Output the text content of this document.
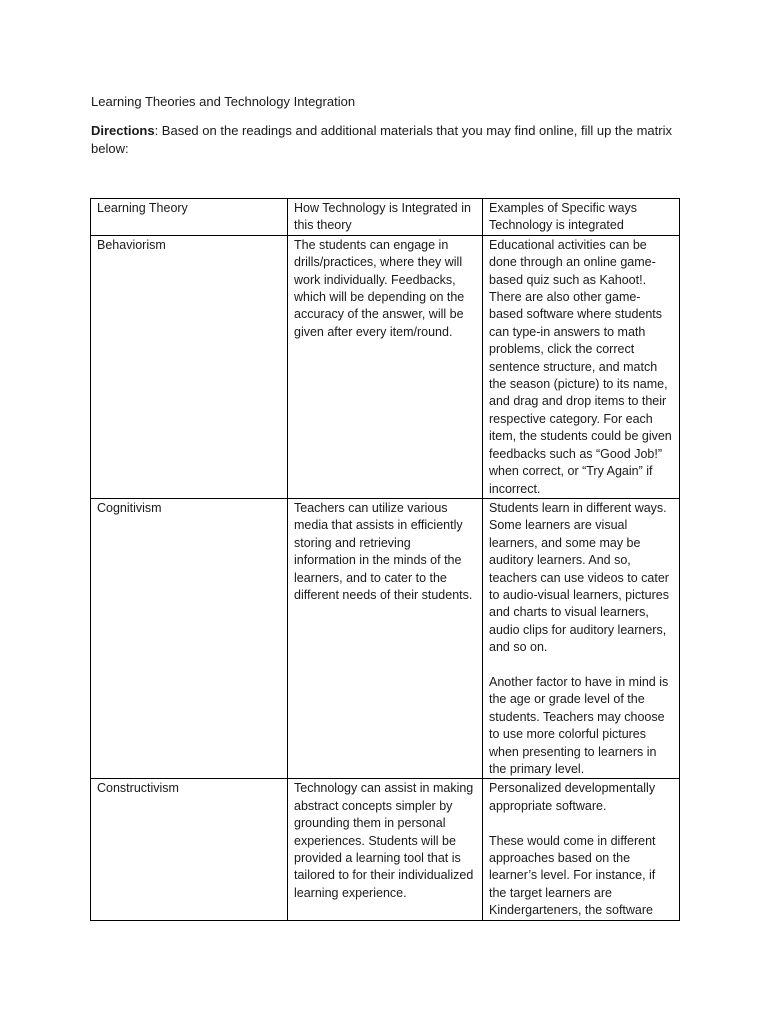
Learning Theories and Technology Integration

Directions: Based on the readings and additional materials that you may find online, fill up the matrix below:

Learning Theory	How Technology is Integrated in this theory	Examples of Specific ways Technology is integrated
Behaviorism	The students can engage in drills/practices, where they will work individually. Feedbacks, which will be depending on the accuracy of the answer, will be given after every item/round.	Educational activities can be done through an online game-based quiz such as Kahoot!. There are also other game-based software where students can type-in answers to math problems, click the correct sentence structure, and match the season (picture) to its name, and drag and drop items to their respective category. For each item, the students could be given feedbacks such as “Good Job!” when correct, or “Try Again” if incorrect.

Cognitivism	Teachers can utilize various media that assists in efficiently storing and retrieving information in the minds of the learners, and to cater to the different needs of their students.	Students learn in different ways. Some learners are visual learners, and some may be auditory learners. And so, teachers can use videos to cater to audio-visual learners, pictures and charts to visual learners, audio clips for auditory learners, and so on.
Another factor to have in mind is the age or grade level of the students. Teachers may choose to use more colorful pictures when presenting to learners in the primary level.

Constructivism	Technology can assist in making abstract concepts simpler by grounding them in personal experiences. Students will be provided a learning tool that is tailored to for their individualized learning experience.	Personalized developmentally appropriate software.
These would come in different approaches based on the learner’s level. For instance, if the target learners are Kindergarteners, the software
